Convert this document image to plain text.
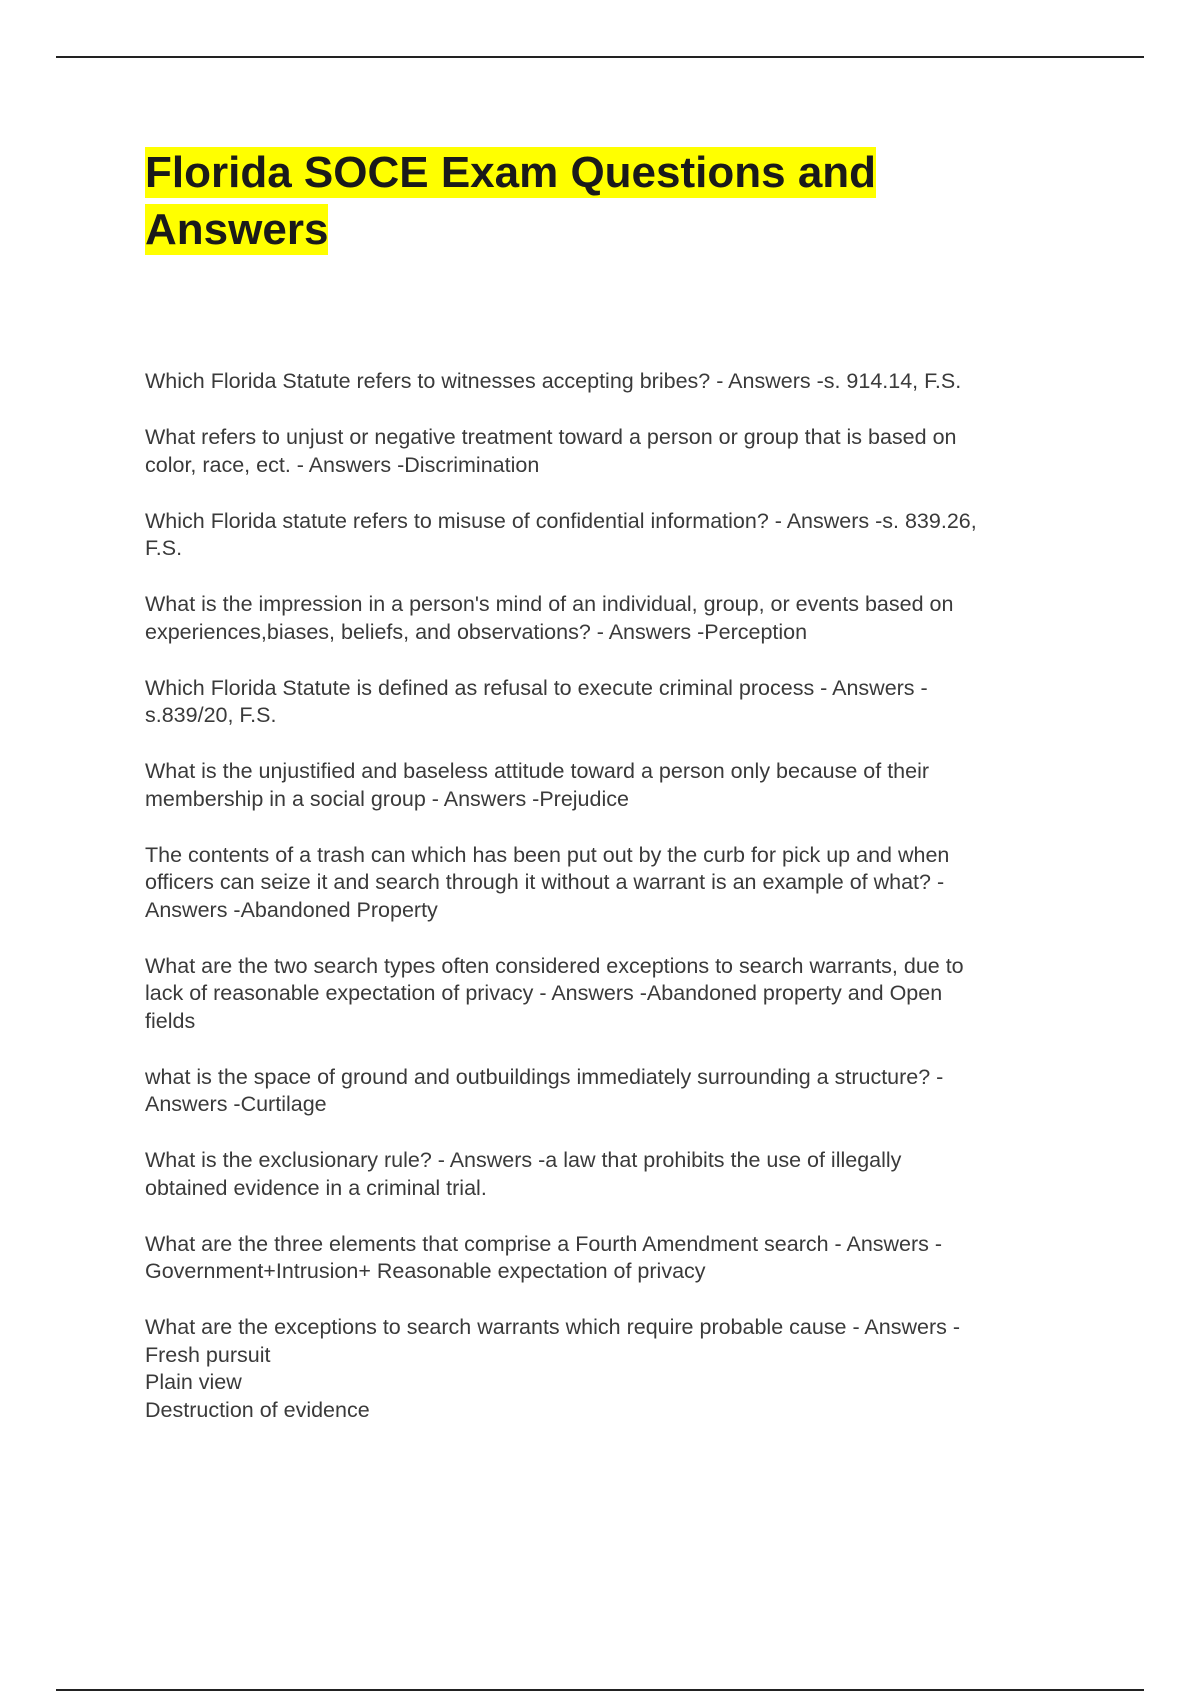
Florida SOCE Exam Questions and Answers

Which Florida Statute refers to witnesses accepting bribes? - Answers -s. 914.14, F.S.

What refers to unjust or negative treatment toward a person or group that is based on
color, race, ect. - Answers -Discrimination

Which Florida statute refers to misuse of confidential information? - Answers -s. 839.26,
F.S.

What is the impression in a person's mind of an individual, group, or events based on
experiences,biases, beliefs, and observations? - Answers -Perception

Which Florida Statute is defined as refusal to execute criminal process - Answers -
s.839/20, F.S.

What is the unjustified and baseless attitude toward a person only because of their
membership in a social group - Answers -Prejudice

The contents of a trash can which has been put out by the curb for pick up and when
officers can seize it and search through it without a warrant is an example of what? -
Answers -Abandoned Property

What are the two search types often considered exceptions to search warrants, due to
lack of reasonable expectation of privacy - Answers -Abandoned property and Open
fields

what is the space of ground and outbuildings immediately surrounding a structure? -
Answers -Curtilage

What is the exclusionary rule? - Answers -a law that prohibits the use of illegally
obtained evidence in a criminal trial.

What are the three elements that comprise a Fourth Amendment search - Answers -
Government+Intrusion+ Reasonable expectation of privacy

What are the exceptions to search warrants which require probable cause - Answers -
Fresh pursuit
Plain view
Destruction of evidence
